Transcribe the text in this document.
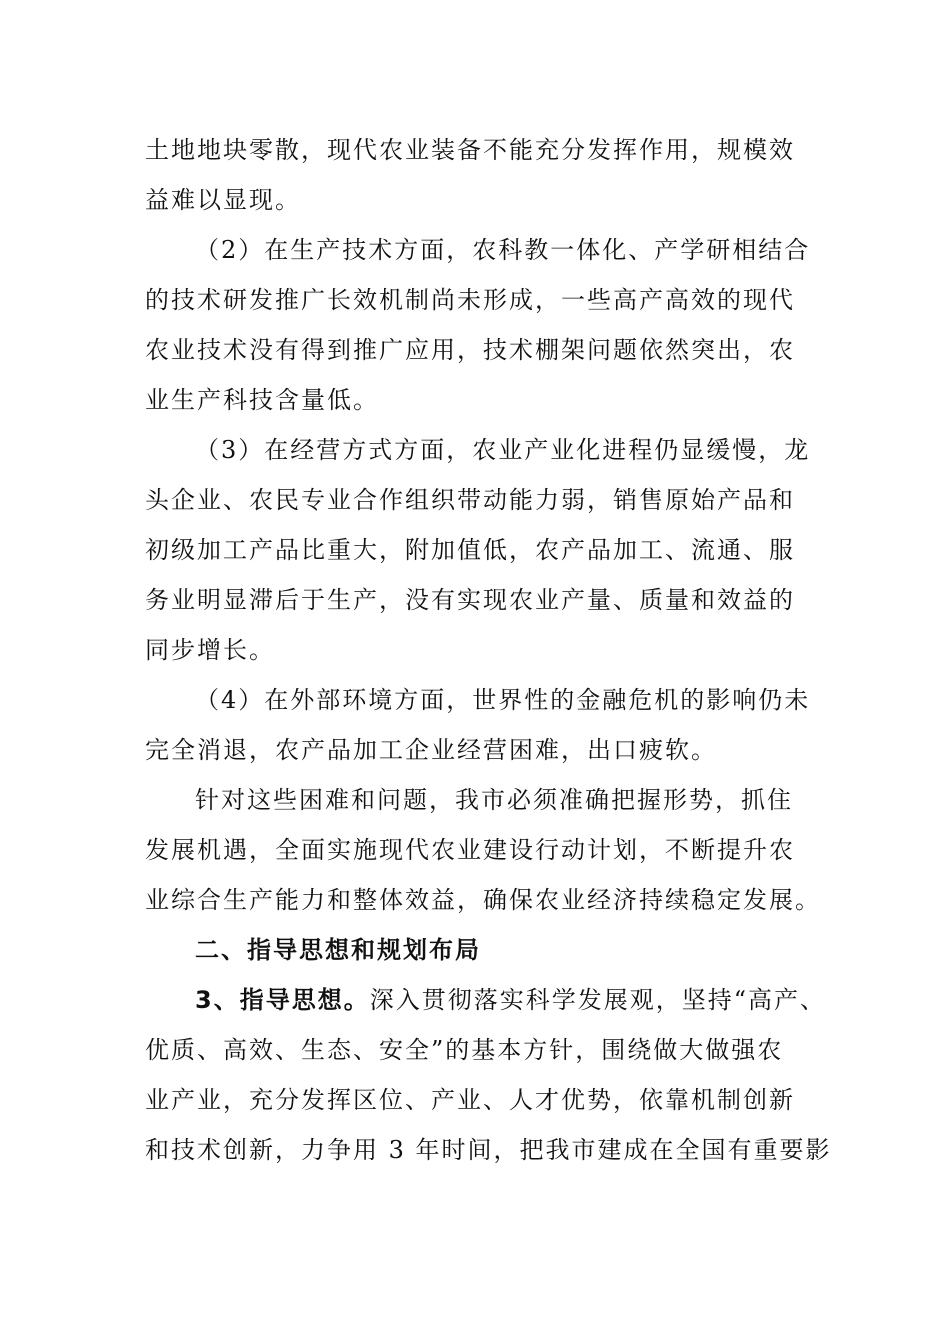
土地地块零散，现代农业装备不能充分发挥作用，规模效
益难以显现。
（2）在生产技术方面，农科教一体化、产学研相结合
的技术研发推广长效机制尚未形成，一些高产高效的现代
农业技术没有得到推广应用，技术棚架问题依然突出，农
业生产科技含量低。
（3）在经营方式方面，农业产业化进程仍显缓慢，龙
头企业、农民专业合作组织带动能力弱，销售原始产品和
初级加工产品比重大，附加值低，农产品加工、流通、服
务业明显滞后于生产，没有实现农业产量、质量和效益的
同步增长。
（4）在外部环境方面，世界性的金融危机的影响仍未
完全消退，农产品加工企业经营困难，出口疲软。
针对这些困难和问题，我市必须准确把握形势，抓住
发展机遇，全面实施现代农业建设行动计划，不断提升农
业综合生产能力和整体效益，确保农业经济持续稳定发展。
二、指导思想和规划布局
3、指导思想。深入贯彻落实科学发展观，坚持“高产、
优质、高效、生态、安全”的基本方针，围绕做大做强农
业产业，充分发挥区位、产业、人才优势，依靠机制创新
和技术创新，力争用 3 年时间，把我市建成在全国有重要影
